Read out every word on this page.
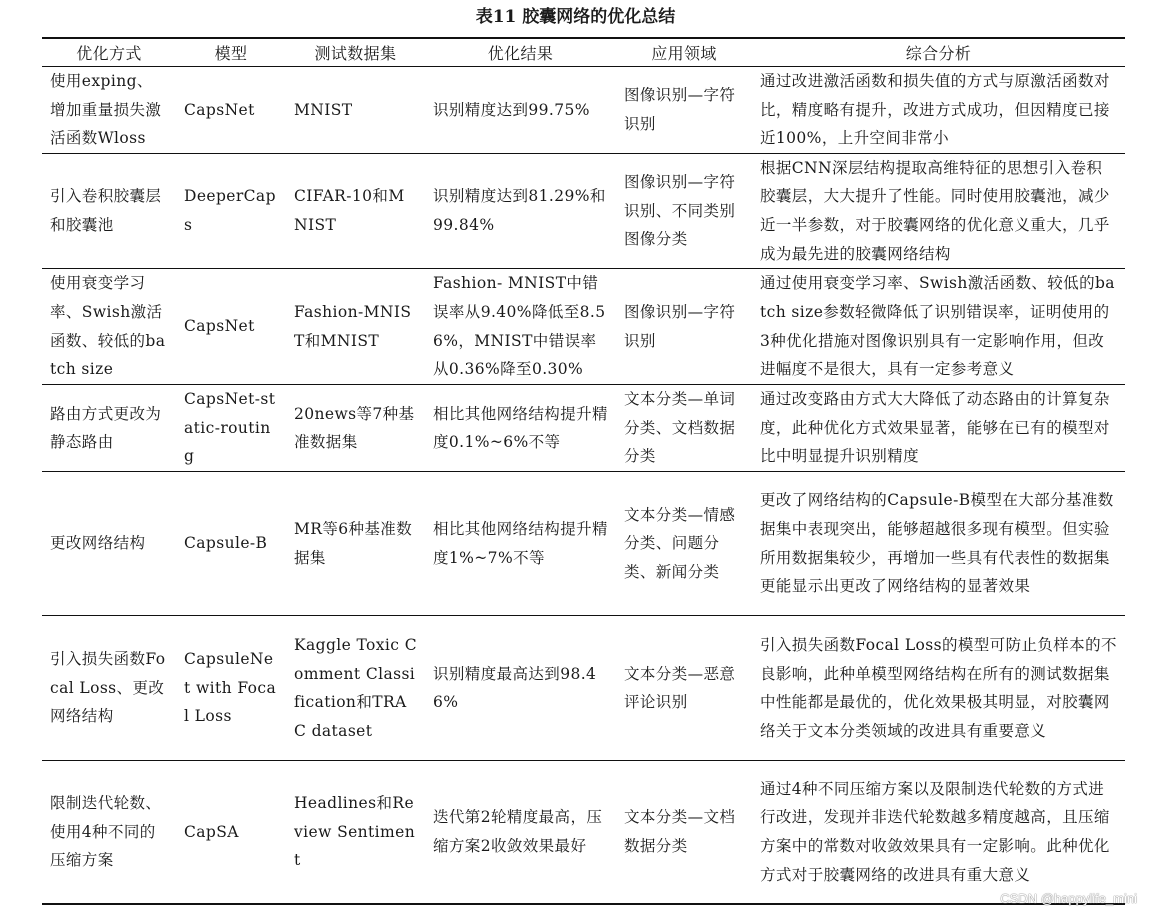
表11 胶囊网络的优化总结
优化方式	模型	测试数据集	优化结果	应用领域	综合分析
使用exping、增加重量损失激活函数Wloss	CapsNet	MNIST	识别精度达到99.75%	图像识别—字符识别	通过改进激活函数和损失值的方式与原激活函数对比，精度略有提升，改进方式成功，但因精度已接近100%，上升空间非常小
引入卷积胶囊层和胶囊池	DeeperCaps	CIFAR-10和MNIST	识别精度达到81.29%和99.84%	图像识别—字符识别、不同类别图像分类	根据CNN深层结构提取高维特征的思想引入卷积胶囊层，大大提升了性能。同时使用胶囊池，减少近一半参数，对于胶囊网络的优化意义重大，几乎成为最先进的胶囊网络结构
使用衰变学习率、Swish激活函数、较低的batch size	CapsNet	Fashion-MNIST和MNIST	Fashion- MNIST中错误率从9.40%降低至8.56%，MNIST中错误率从0.36%降至0.30%	图像识别—字符识别	通过使用衰变学习率、Swish激活函数、较低的batch size参数轻微降低了识别错误率，证明使用的3种优化措施对图像识别具有一定影响作用，但改进幅度不是很大，具有一定参考意义
路由方式更改为静态路由	CapsNet-static-routing	20news等7种基准数据集	相比其他网络结构提升精度0.1%~6%不等	文本分类—单词分类、文档数据分类	通过改变路由方式大大降低了动态路由的计算复杂度，此种优化方式效果显著，能够在已有的模型对比中明显提升识别精度
更改网络结构	Capsule-B	MR等6种基准数据集	相比其他网络结构提升精度1%~7%不等	文本分类—情感分类、问题分类、新闻分类	更改了网络结构的Capsule-B模型在大部分基准数据集中表现突出，能够超越很多现有模型。但实验所用数据集较少，再增加一些具有代表性的数据集更能显示出更改了网络结构的显著效果
引入损失函数Focal Loss、更改网络结构	CapsuleNet with Focal Loss	Kaggle Toxic Comment Classification和TRAC dataset	识别精度最高达到98.46%	文本分类—恶意评论识别	引入损失函数Focal Loss的模型可防止负样本的不良影响，此种单模型网络结构在所有的测试数据集中性能都是最优的，优化效果极其明显，对胶囊网络关于文本分类领域的改进具有重要意义
限制迭代轮数、使用4种不同的压缩方案	CapSA	Headlines和Review Sentiment	迭代第2轮精度最高，压缩方案2收敛效果最好	文本分类—文档数据分类	通过4种不同压缩方案以及限制迭代轮数的方式进行改进，发现并非迭代轮数越多精度越高，且压缩方案中的常数对收敛效果具有一定影响。此种优化方式对于胶囊网络的改进具有重大意义
CSDN @happylife_mini
